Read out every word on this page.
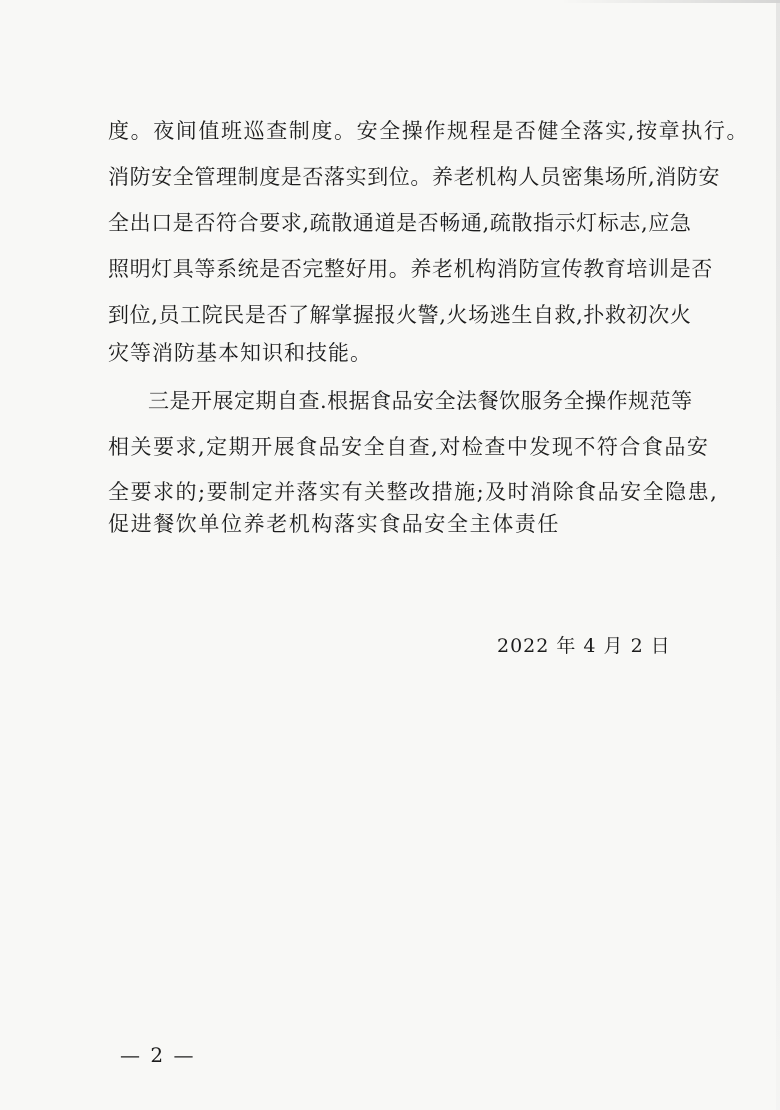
度。夜间值班巡查制度。安全操作规程是否健全落实,按章执行。
消防安全管理制度是否落实到位。养老机构人员密集场所,消防安
全出口是否符合要求,疏散通道是否畅通,疏散指示灯标志,应急
照明灯具等系统是否完整好用。养老机构消防宣传教育培训是否
到位,员工院民是否了解掌握报火警,火场逃生自救,扑救初次火
灾等消防基本知识和技能。
三是开展定期自查.根据食品安全法餐饮服务全操作规范等
相关要求,定期开展食品安全自查,对检查中发现不符合食品安
全要求的;要制定并落实有关整改措施;及时消除食品安全隐患,
促进餐饮单位养老机构落实食品安全主体责任
2022 年 4 月 2 日
— 2 —
